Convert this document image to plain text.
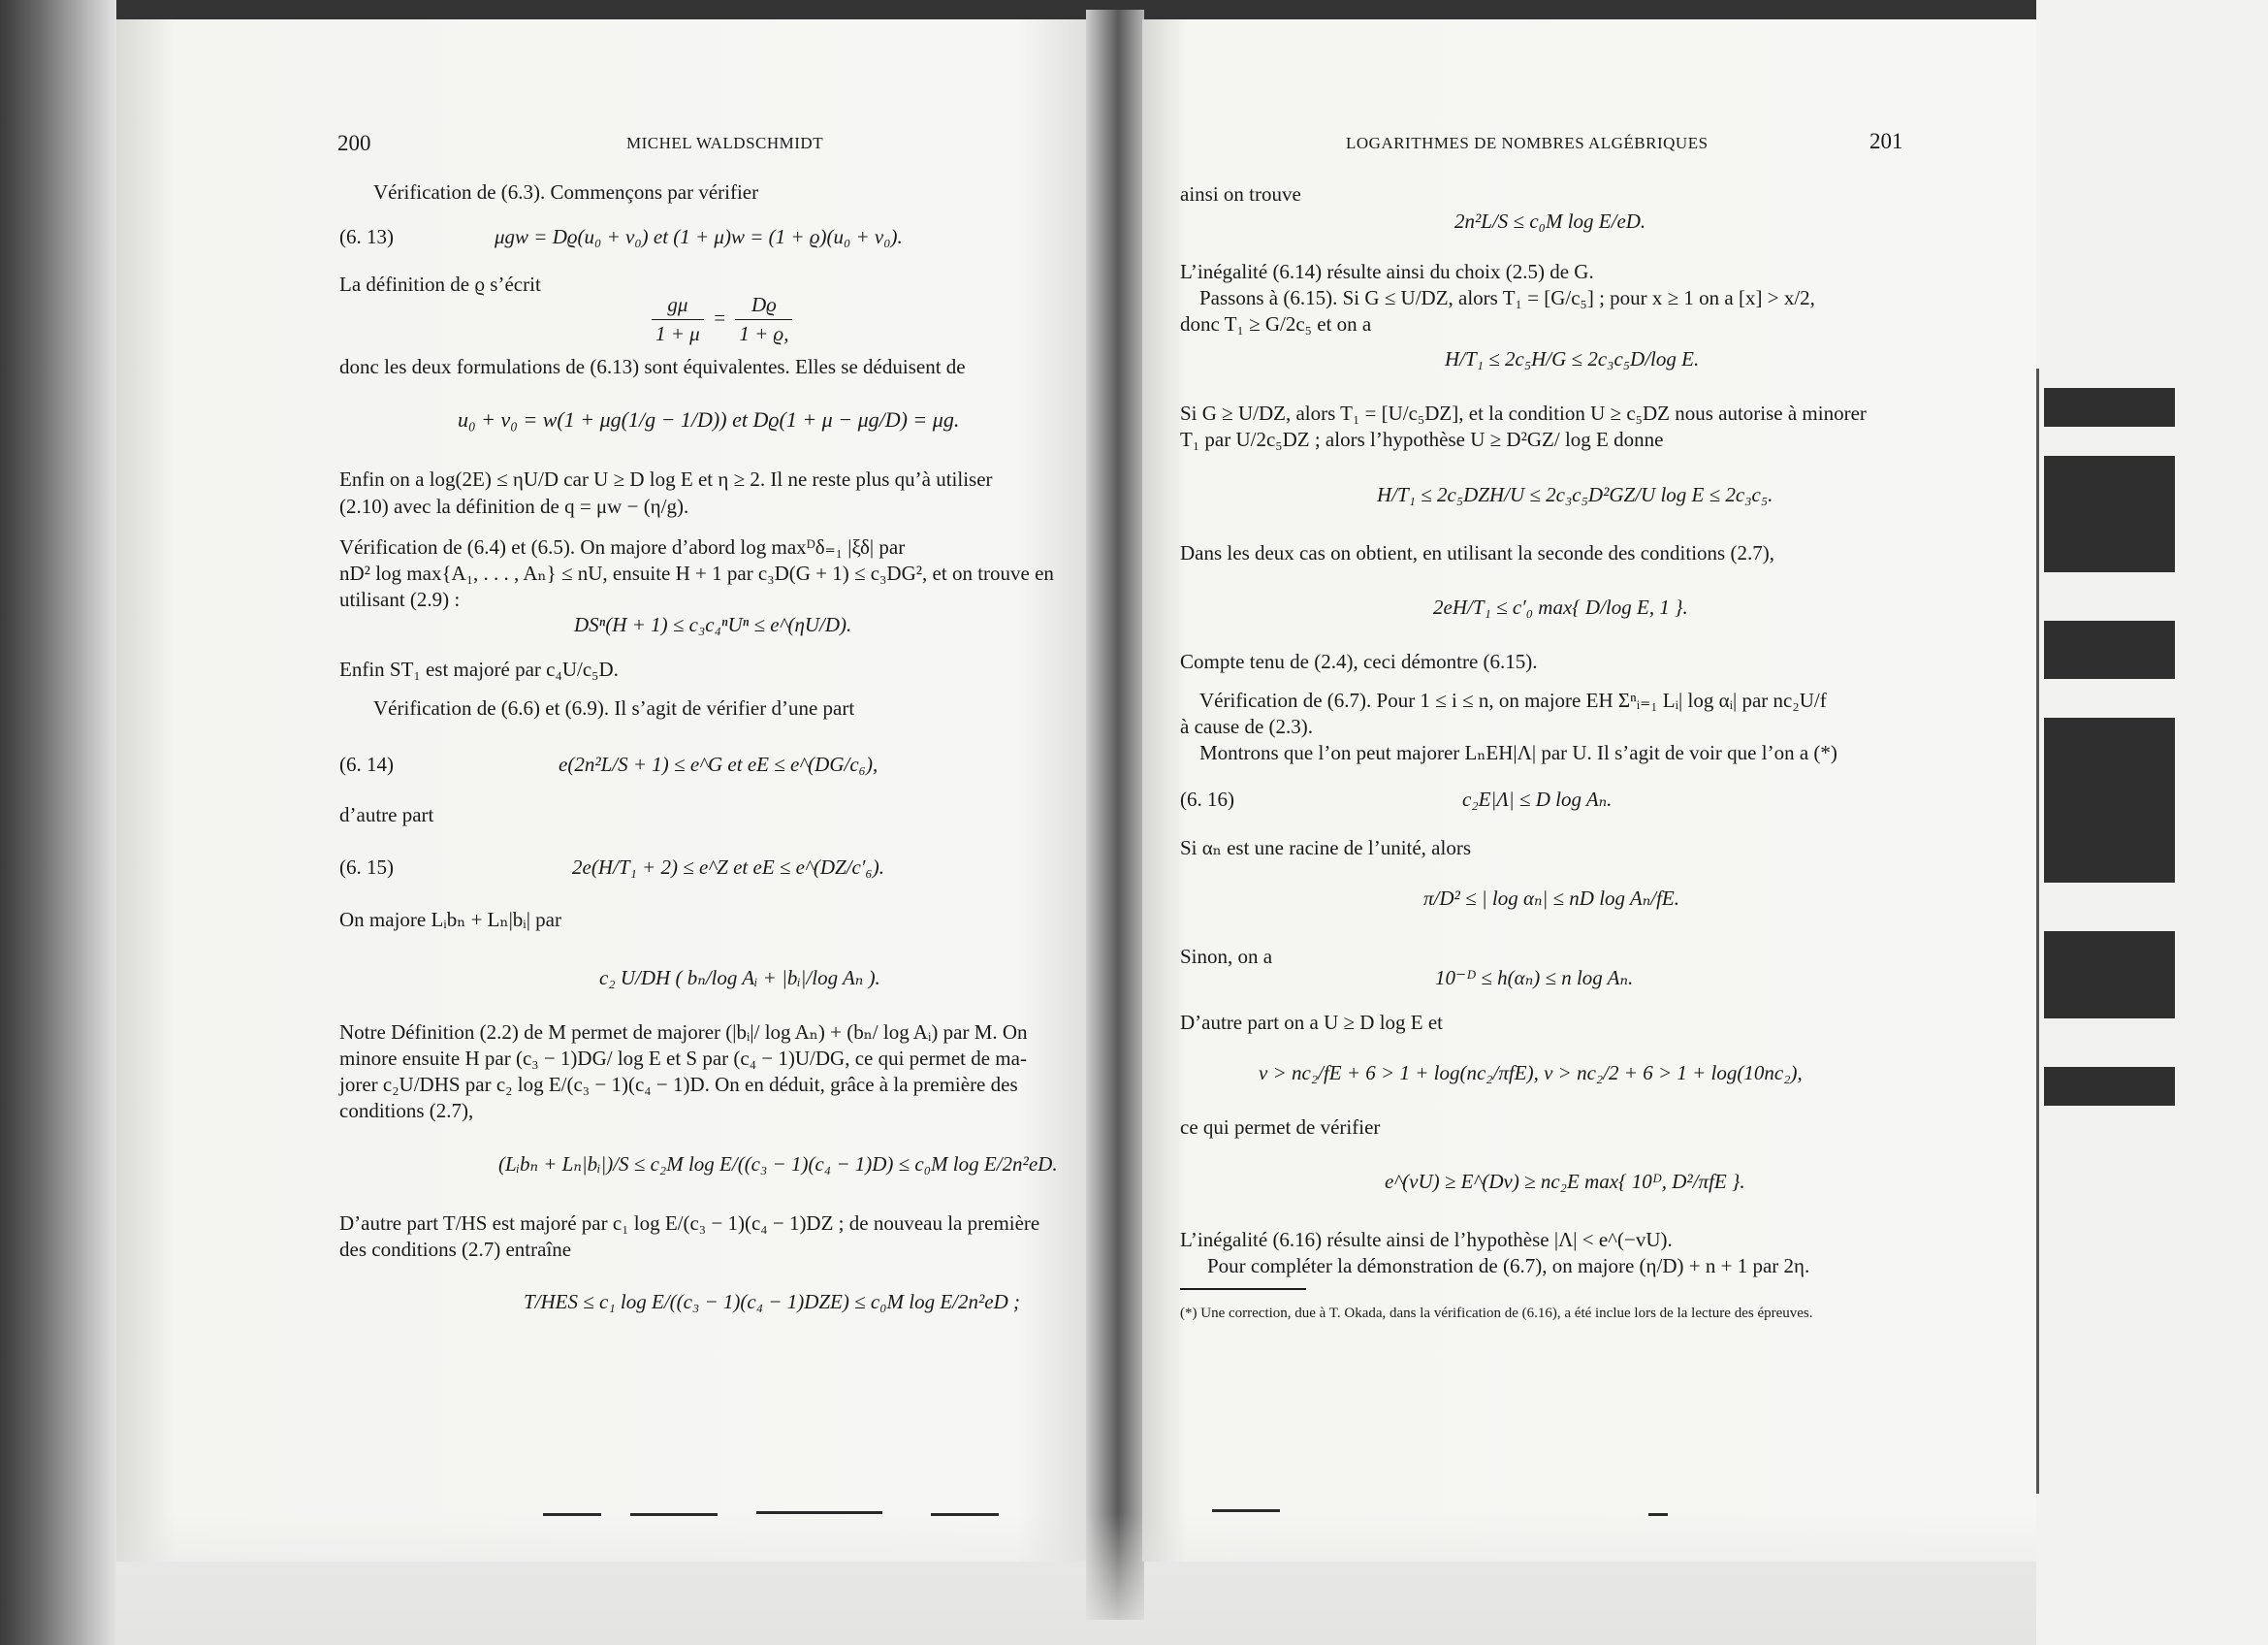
200	MICHEL WALDSCHMIDT
Vérification de (6.3). Commençons par vérifier
(6. 13)	μgw = Dϱ(u₀ + v₀) et (1 + μ)w = (1 + ϱ)(u₀ + v₀).
La définition de ϱ s’écrit
$\frac{g\mu}{1 + \mu} = \frac{Dϱ}{1 + ϱ,}$
donc les deux formulations de (6.13) sont équivalentes. Elles se déduisent de
u₀ + v₀ = w(1 + μg(1/g − 1/D)) et Dϱ(1 + μ − μg/D) = μg.
Enfin on a log(2E) ≤ ηU/D car U ≥ D log E et η ≥ 2. Il ne reste plus qu’à utiliser
(2.10) avec la définition de q = μw − (η/g).
Vérification de (6.4) et (6.5). On majore d’abord log maxᴰδ₌₁ |ξδ| par
nD² log max{A₁, . . . , Aₙ} ≤ nU, ensuite H + 1 par c₃D(G + 1) ≤ c₃DG², et on trouve en
utilisant (2.9) :
DSⁿ(H + 1) ≤ c₃c₄ⁿUⁿ ≤ e^(ηU/D).
Enfin ST₁ est majoré par c₄U/c₅D.
Vérification de (6.6) et (6.9). Il s’agit de vérifier d’une part
(6. 14)	e(2n²L/S + 1) ≤ e^G et eE ≤ e^(DG/c₆),
d’autre part
(6. 15)	2e(H/T₁ + 2) ≤ e^Z et eE ≤ e^(DZ/c′₆).
On majore Lᵢbₙ + Lₙ|bᵢ| par
c₂ U/DH ( bₙ/log Aᵢ + |bᵢ|/log Aₙ ).
Notre Définition (2.2) de M permet de majorer (|bᵢ|/ log Aₙ) + (bₙ/ log Aᵢ) par M. On
minore ensuite H par (c₃ − 1)DG/ log E et S par (c₄ − 1)U/DG, ce qui permet de ma-
jorer c₂U/DHS par c₂ log E/(c₃ − 1)(c₄ − 1)D. On en déduit, grâce à la première des
conditions (2.7),
(Lᵢbₙ + Lₙ|bᵢ|)/S ≤ c₂M log E/((c₃ − 1)(c₄ − 1)D) ≤ c₀M log E/2n²eD.
D’autre part T/HS est majoré par c₁ log E/(c₃ − 1)(c₄ − 1)DZ ; de nouveau la première
des conditions (2.7) entraîne
T/HES ≤ c₁ log E/((c₃ − 1)(c₄ − 1)DZE) ≤ c₀M log E/2n²eD ;
LOGARITHMES DE NOMBRES ALGÉBRIQUES	201
ainsi on trouve
2n²L/S ≤ c₀M log E/eD.
L’inégalité (6.14) résulte ainsi du choix (2.5) de G.
Passons à (6.15). Si G ≤ U/DZ, alors T₁ = [G/c₅] ; pour x ≥ 1 on a [x] > x/2,
donc T₁ ≥ G/2c₅ et on a
H/T₁ ≤ 2c₅H/G ≤ 2c₃c₅D/log E.
Si G ≥ U/DZ, alors T₁ = [U/c₅DZ], et la condition U ≥ c₅DZ nous autorise à minorer
T₁ par U/2c₅DZ ; alors l’hypothèse U ≥ D²GZ/ log E donne
H/T₁ ≤ 2c₅DZH/U ≤ 2c₃c₅D²GZ/U log E ≤ 2c₃c₅.
Dans les deux cas on obtient, en utilisant la seconde des conditions (2.7),
2eH/T₁ ≤ c′₀ max{ D/log E, 1 }.
Compte tenu de (2.4), ceci démontre (6.15).
Vérification de (6.7). Pour 1 ≤ i ≤ n, on majore EH Σⁿᵢ₌₁ Lᵢ| log αᵢ| par nc₂U/f
à cause de (2.3).
Montrons que l’on peut majorer LₙEH|Λ| par U. Il s’agit de voir que l’on a (*)
(6. 16)	c₂E|Λ| ≤ D log Aₙ.
Si αₙ est une racine de l’unité, alors
π/D² ≤ | log αₙ| ≤ nD log Aₙ/fE.
Sinon, on a
10⁻ᴰ ≤ h(αₙ) ≤ n log Aₙ.
D’autre part on a U ≥ D log E et
v > nc₂/fE + 6 > 1 + log(nc₂/πfE), v > nc₂/2 + 6 > 1 + log(10nc₂),
ce qui permet de vérifier
e^(vU) ≥ E^(Dv) ≥ nc₂E max{ 10ᴰ, D²/πfE }.
L’inégalité (6.16) résulte ainsi de l’hypothèse |Λ| < e^(−vU).
Pour compléter la démonstration de (6.7), on majore (η/D) + n + 1 par 2η.
(*) Une correction, due à T. Okada, dans la vérification de (6.16), a été inclue lors de la lecture des épreuves.
